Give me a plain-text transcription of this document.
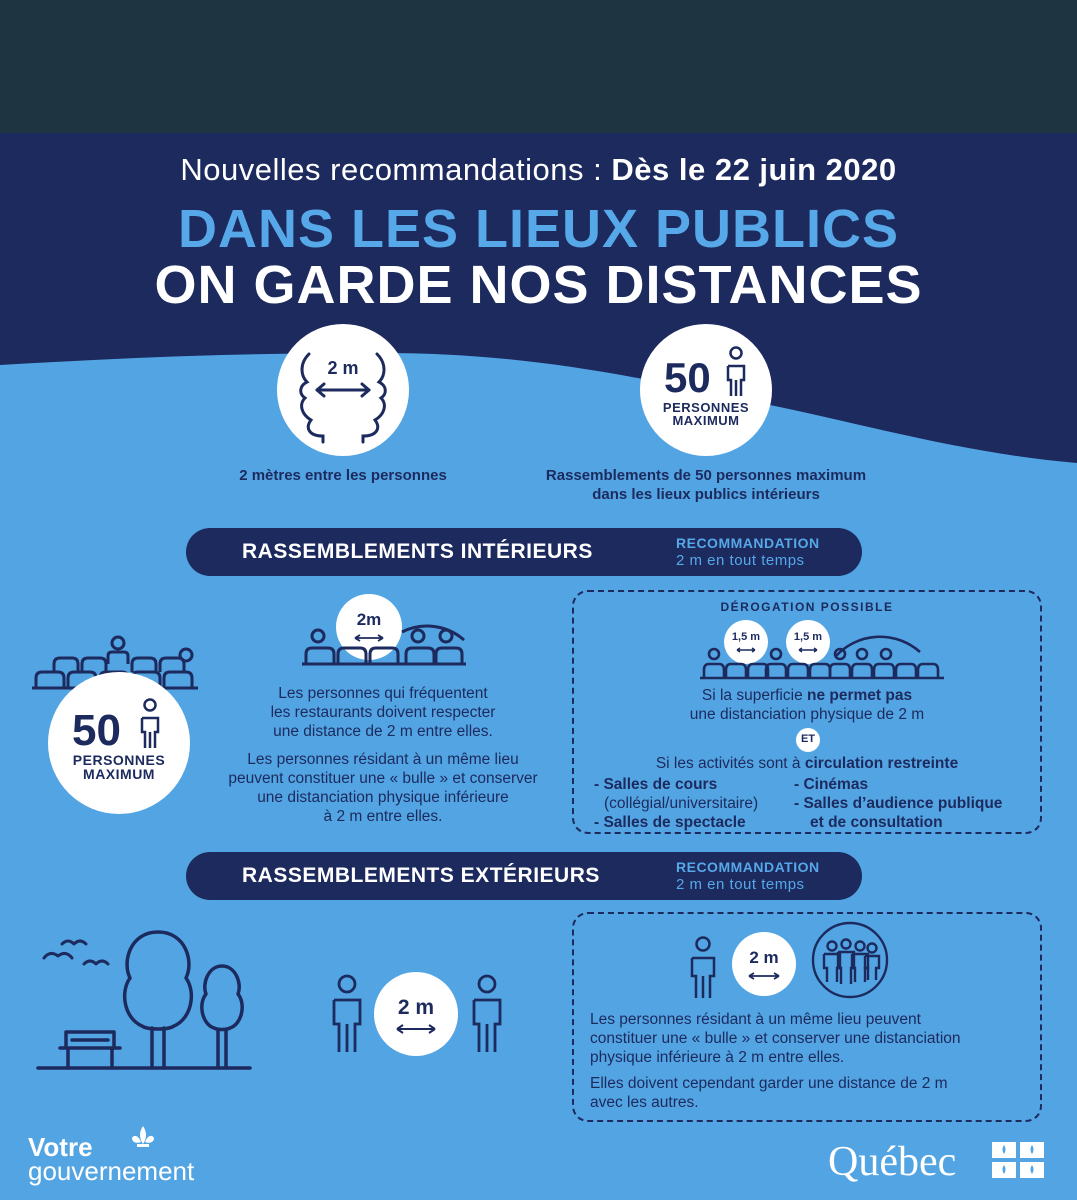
Nouvelles recommandations : Dès le 22 juin 2020
DANS LES LIEUX PUBLICS
ON GARDE NOS DISTANCES
2 m
2 mètres entre les personnes
50
PERSONNES
MAXIMUM
Rassemblements de 50 personnes maximum
dans les lieux publics intérieurs
RASSEMBLEMENTS INTÉRIEURS	RECOMMANDATION
2 m en tout temps
50
PERSONNES
MAXIMUM
2m
Les personnes qui fréquentent
les restaurants doivent respecter
une distance de 2 m entre elles.
Les personnes résidant à un même lieu
peuvent constituer une « bulle » et conserver
une distanciation physique inférieure
à 2 m entre elles.
DÉROGATION POSSIBLE
1,5 m	1,5 m
Si la superficie ne permet pas
une distanciation physique de 2 m
ET
Si les activités sont à circulation restreinte
- Salles de cours
(collégial/universitaire)
- Salles de spectacle
- Cinémas
- Salles d’audience publique
et de consultation
RASSEMBLEMENTS EXTÉRIEURS	RECOMMANDATION
2 m en tout temps
2 m
2 m
Les personnes résidant à un même lieu peuvent
constituer une « bulle » et conserver une distanciation
physique inférieure à 2 m entre elles.
Elles doivent cependant garder une distance de 2 m
avec les autres.
Votre
gouvernement	Québec
